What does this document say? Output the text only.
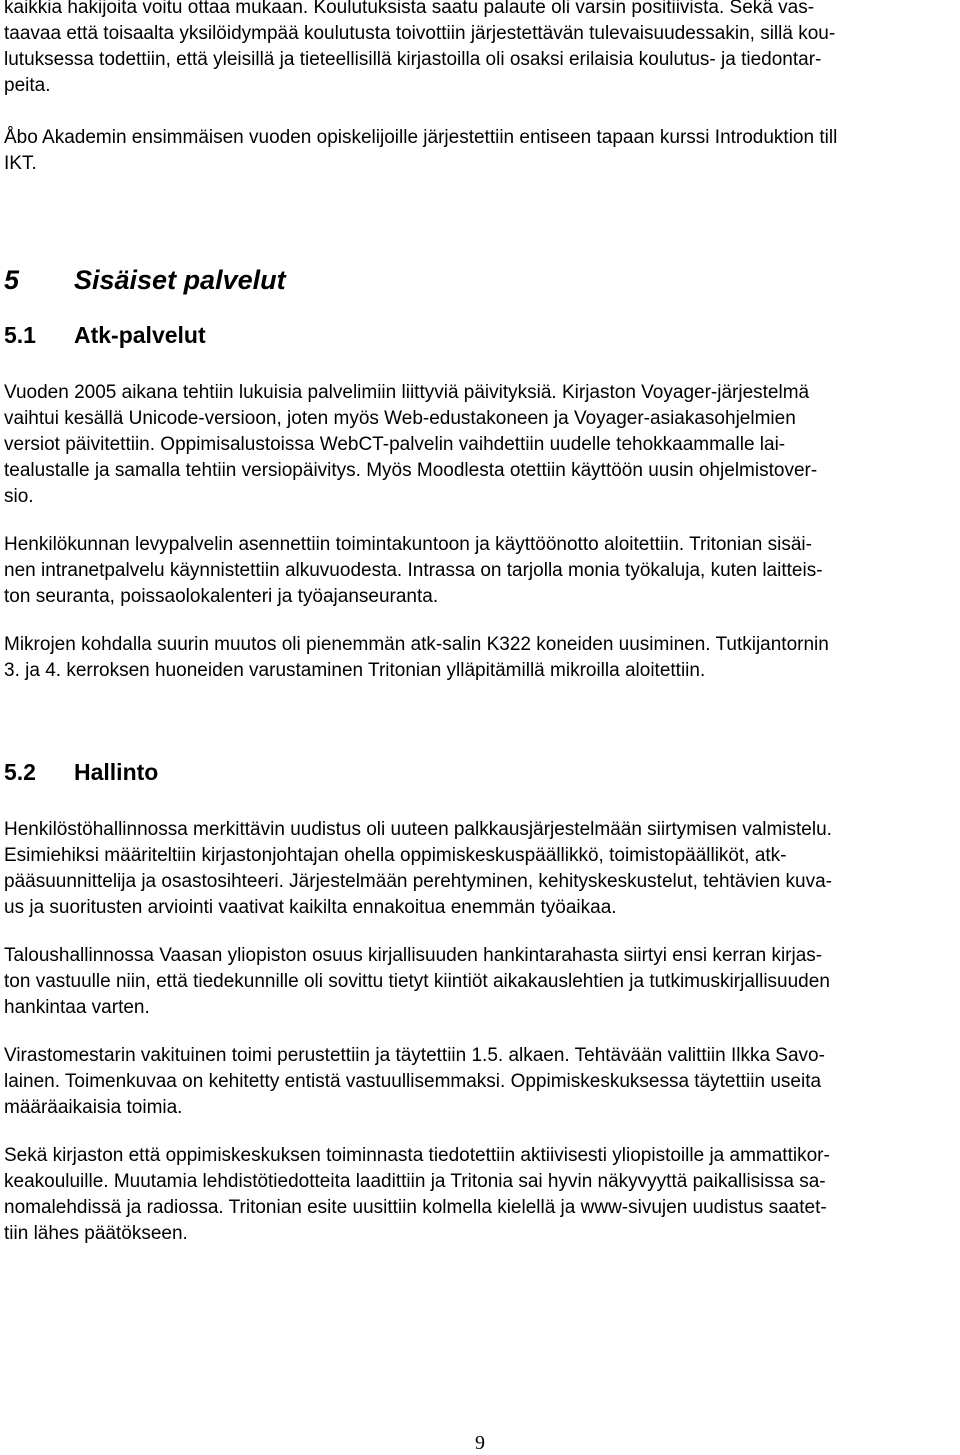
kaikkia hakijoita voitu ottaa mukaan. Koulutuksista saatu palaute oli varsin positiivista. Sekä vas-

taavaa että toisaalta yksilöidympää koulutusta toivottiin järjestettävän tulevaisuudessakin, sillä kou-

lutuksessa todettiin, että yleisillä ja tieteellisillä kirjastoilla oli osaksi erilaisia koulutus- ja tiedontar-

peita.

Åbo Akademin ensimmäisen vuoden opiskelijoille järjestettiin entiseen tapaan kurssi Introduktion till

IKT.

5 Sisäiset palvelut
5.1 Atk-palvelut

Vuoden 2005 aikana tehtiin lukuisia palvelimiin liittyviä päivityksiä. Kirjaston Voyager-järjestelmä

vaihtui kesällä Unicode-versioon, joten myös Web-edustakoneen ja Voyager-asiakasohjelmien

versiot päivitettiin. Oppimisalustoissa WebCT-palvelin vaihdettiin uudelle tehokkaammalle lai-

tealustalle ja samalla tehtiin versiopäivitys. Myös Moodlesta otettiin käyttöön uusin ohjelmistover-

sio.

Henkilökunnan levypalvelin asennettiin toimintakuntoon ja käyttöönotto aloitettiin. Tritonian sisäi-

nen intranetpalvelu käynnistettiin alkuvuodesta. Intrassa on tarjolla monia työkaluja, kuten laitteis-

ton seuranta, poissaolokalenteri ja työajanseuranta.

Mikrojen kohdalla suurin muutos oli pienemmän atk-salin K322 koneiden uusiminen. Tutkijantornin

3. ja 4. kerroksen huoneiden varustaminen Tritonian ylläpitämillä mikroilla aloitettiin.

5.2 Hallinto

Henkilöstöhallinnossa merkittävin uudistus oli uuteen palkkausjärjestelmään siirtymisen valmistelu.

Esimiehiksi määriteltiin kirjastonjohtajan ohella oppimiskeskuspäällikkö, toimistopäälliköt, atk-

pääsuunnittelija ja osastosihteeri. Järjestelmään perehtyminen, kehityskeskustelut, tehtävien kuva-

us ja suoritusten arviointi vaativat kaikilta ennakoitua enemmän työaikaa.

Taloushallinnossa Vaasan yliopiston osuus kirjallisuuden hankintarahasta siirtyi ensi kerran kirjas-

ton vastuulle niin, että tiedekunnille oli sovittu tietyt kiintiöt aikakauslehtien ja tutkimuskirjallisuuden

hankintaa varten.

Virastomestarin vakituinen toimi perustettiin ja täytettiin 1.5. alkaen. Tehtävään valittiin Ilkka Savo-

lainen. Toimenkuvaa on kehitetty entistä vastuullisemmaksi. Oppimiskeskuksessa täytettiin useita

määräaikaisia toimia.

Sekä kirjaston että oppimiskeskuksen toiminnasta tiedotettiin aktiivisesti yliopistoille ja ammattikor-

keakouluille. Muutamia lehdistötiedotteita laadittiin ja Tritonia sai hyvin näkyvyyttä paikallisissa sa-

nomalehdissä ja radiossa. Tritonian esite uusittiin kolmella kielellä ja www-sivujen uudistus saatet-

tiin lähes päätökseen.

9
